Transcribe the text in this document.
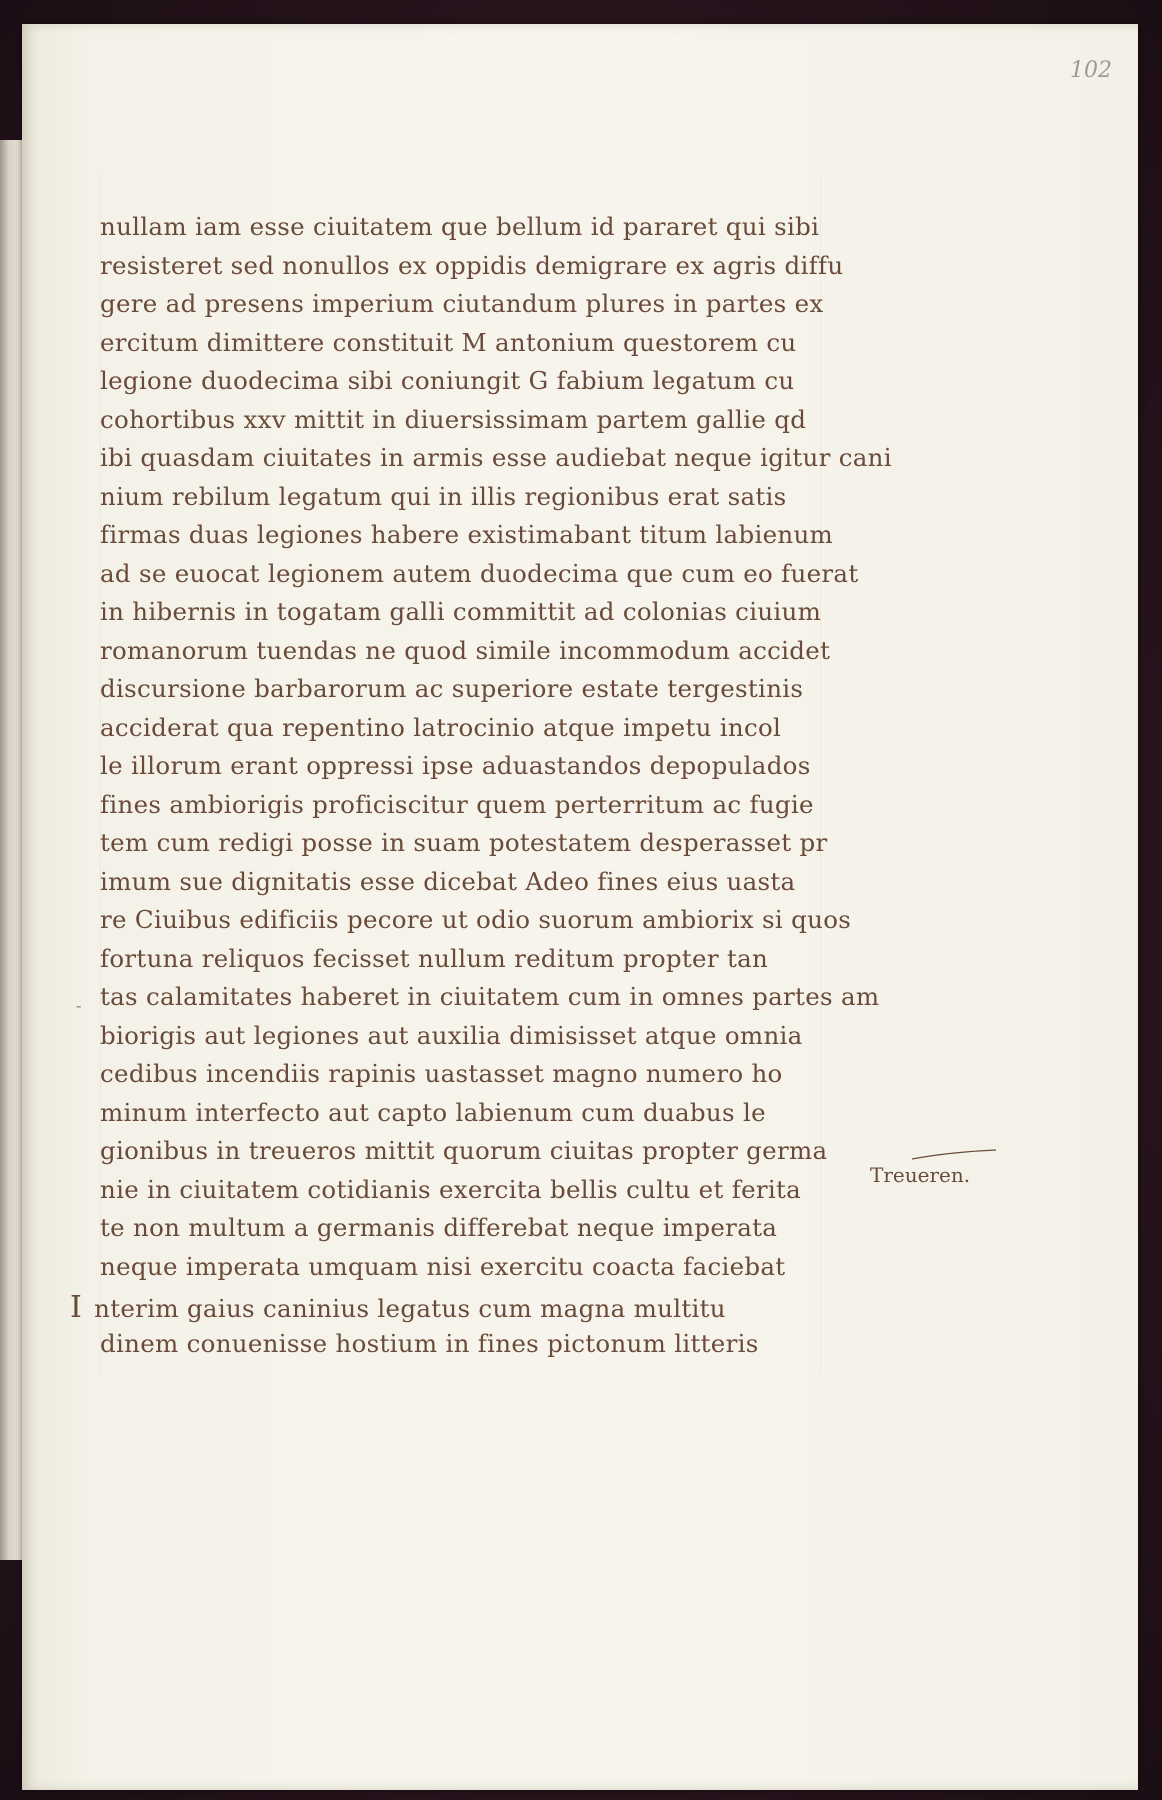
102
-
nullam iam esse ciuitatem que bellum id pararet qui sibi
resisteret sed nonullos ex oppidis demigrare ex agris diffu
gere ad presens imperium ciutandum plures in partes ex
ercitum dimittere constituit M antonium questorem cu
legione duodecima sibi coniungit G fabium legatum cu
cohortibus xxv mittit in diuersissimam partem gallie qd
ibi quasdam ciuitates in armis esse audiebat neque igitur cani
nium rebilum legatum qui in illis regionibus erat satis
firmas duas legiones habere existimabant titum labienum
ad se euocat legionem autem duodecima que cum eo fuerat
in hibernis in togatam galli committit ad colonias ciuium
romanorum tuendas ne quod simile incommodum accidet
discursione barbarorum ac superiore estate tergestinis
acciderat qua repentino latrocinio atque impetu incol
le illorum erant oppressi ipse aduastandos depopulados
fines ambiorigis proficiscitur quem perterritum ac fugie
tem cum redigi posse in suam potestatem desperasset pr
imum sue dignitatis esse dicebat Adeo fines eius uasta
re Ciuibus edificiis pecore ut odio suorum ambiorix si quos
fortuna reliquos fecisset nullum reditum propter tan
tas calamitates haberet in ciuitatem cum in omnes partes am
biorigis aut legiones aut auxilia dimisisset atque omnia
cedibus incendiis rapinis uastasset magno numero ho
minum interfecto aut capto labienum cum duabus le
gionibus in treueros mittit quorum ciuitas propter germa
nie in ciuitatem cotidianis exercita bellis cultu et ferita
te non multum a germanis differebat neque imperata
neque imperata umquam nisi exercitu coacta faciebat
I nterim gaius caninius legatus cum magna multitu
dinem conuenisse hostium in fines pictonum litteris
Treueren.
